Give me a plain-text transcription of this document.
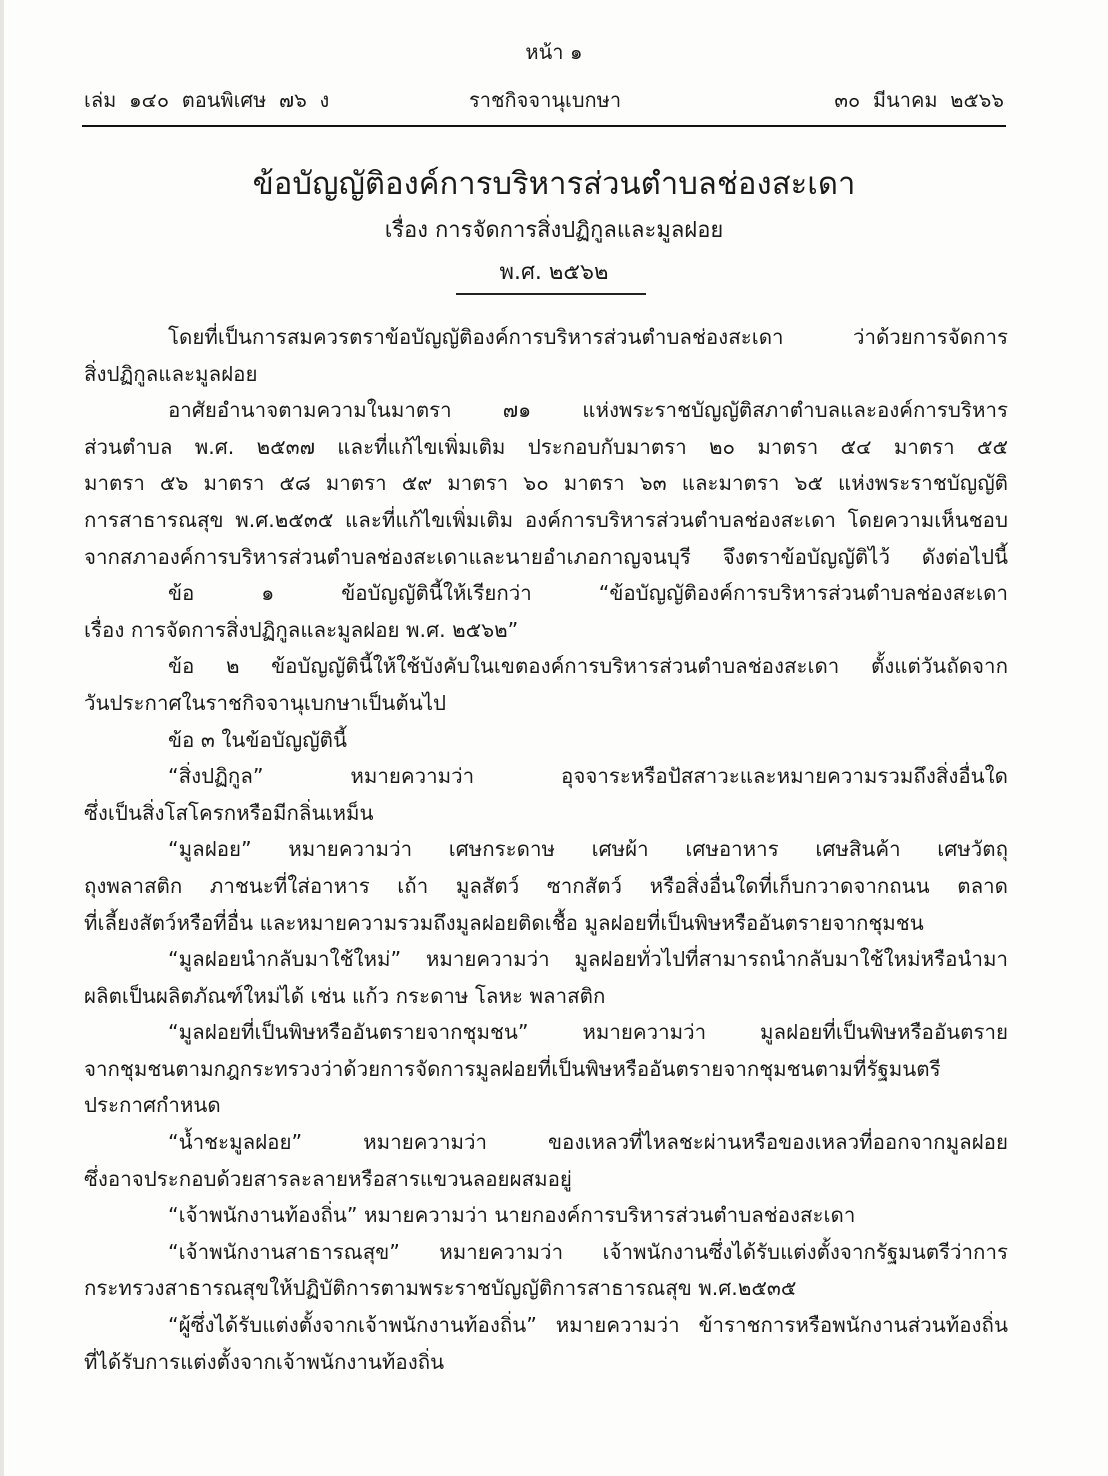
หน้า ๑
เล่ม  ๑๔๐  ตอนพิเศษ  ๗๖  ง	ราชกิจจานุเบกษา	๓๐  มีนาคม  ๒๕๖๖
ข้อบัญญัติองค์การบริหารส่วนตำบลช่องสะเดา
เรื่อง การจัดการสิ่งปฏิกูลและมูลฝอย
พ.ศ. ๒๕๖๒
โดยที่เป็นการสมควรตราข้อบัญญัติองค์การบริหารส่วนตำบลช่องสะเดา ว่าด้วยการจัดการ
สิ่งปฏิกูลและมูลฝอย
อาศัยอำนาจตามความในมาตรา ๗๑ แห่งพระราชบัญญัติสภาตำบลและองค์การบริหาร
ส่วนตำบล พ.ศ. ๒๕๓๗ และที่แก้ไขเพิ่มเติม ประกอบกับมาตรา ๒๐ มาตรา ๕๔ มาตรา ๕๕
มาตรา ๕๖ มาตรา ๕๘ มาตรา ๕๙ มาตรา ๖๐ มาตรา ๖๓ และมาตรา ๖๕ แห่งพระราชบัญญัติ
การสาธารณสุข พ.ศ.๒๕๓๕ และที่แก้ไขเพิ่มเติม องค์การบริหารส่วนตำบลช่องสะเดา โดยความเห็นชอบ
จากสภาองค์การบริหารส่วนตำบลช่องสะเดาและนายอำเภอกาญจนบุรี จึงตราข้อบัญญัติไว้ ดังต่อไปนี้
ข้อ ๑ ข้อบัญญัตินี้ให้เรียกว่า “ข้อบัญญัติองค์การบริหารส่วนตำบลช่องสะเดา
เรื่อง การจัดการสิ่งปฏิกูลและมูลฝอย พ.ศ. ๒๕๖๒”
ข้อ ๒ ข้อบัญญัตินี้ให้ใช้บังคับในเขตองค์การบริหารส่วนตำบลช่องสะเดา ตั้งแต่วันถัดจาก
วันประกาศในราชกิจจานุเบกษาเป็นต้นไป
ข้อ ๓ ในข้อบัญญัตินี้
“สิ่งปฏิกูล” หมายความว่า อุจจาระหรือปัสสาวะและหมายความรวมถึงสิ่งอื่นใด
ซึ่งเป็นสิ่งโสโครกหรือมีกลิ่นเหม็น
“มูลฝอย” หมายความว่า เศษกระดาษ เศษผ้า เศษอาหาร เศษสินค้า เศษวัตถุ
ถุงพลาสติก ภาชนะที่ใส่อาหาร เถ้า มูลสัตว์ ซากสัตว์ หรือสิ่งอื่นใดที่เก็บกวาดจากถนน ตลาด
ที่เลี้ยงสัตว์หรือที่อื่น และหมายความรวมถึงมูลฝอยติดเชื้อ มูลฝอยที่เป็นพิษหรืออันตรายจากชุมชน
“มูลฝอยนำกลับมาใช้ใหม่” หมายความว่า มูลฝอยทั่วไปที่สามารถนำกลับมาใช้ใหม่หรือนำมา
ผลิตเป็นผลิตภัณฑ์ใหม่ได้ เช่น แก้ว กระดาษ โลหะ พลาสติก
“มูลฝอยที่เป็นพิษหรืออันตรายจากชุมชน” หมายความว่า มูลฝอยที่เป็นพิษหรืออันตราย
จากชุมชนตามกฎกระทรวงว่าด้วยการจัดการมูลฝอยที่เป็นพิษหรืออันตรายจากชุมชนตามที่รัฐมนตรี
ประกาศกำหนด
“น้ำชะมูลฝอย” หมายความว่า ของเหลวที่ไหลชะผ่านหรือของเหลวที่ออกจากมูลฝอย
ซึ่งอาจประกอบด้วยสารละลายหรือสารแขวนลอยผสมอยู่
“เจ้าพนักงานท้องถิ่น” หมายความว่า นายกองค์การบริหารส่วนตำบลช่องสะเดา
“เจ้าพนักงานสาธารณสุข” หมายความว่า เจ้าพนักงานซึ่งได้รับแต่งตั้งจากรัฐมนตรีว่าการ
กระทรวงสาธารณสุขให้ปฏิบัติการตามพระราชบัญญัติการสาธารณสุข พ.ศ.๒๕๓๕
“ผู้ซึ่งได้รับแต่งตั้งจากเจ้าพนักงานท้องถิ่น” หมายความว่า ข้าราชการหรือพนักงานส่วนท้องถิ่น
ที่ได้รับการแต่งตั้งจากเจ้าพนักงานท้องถิ่น
